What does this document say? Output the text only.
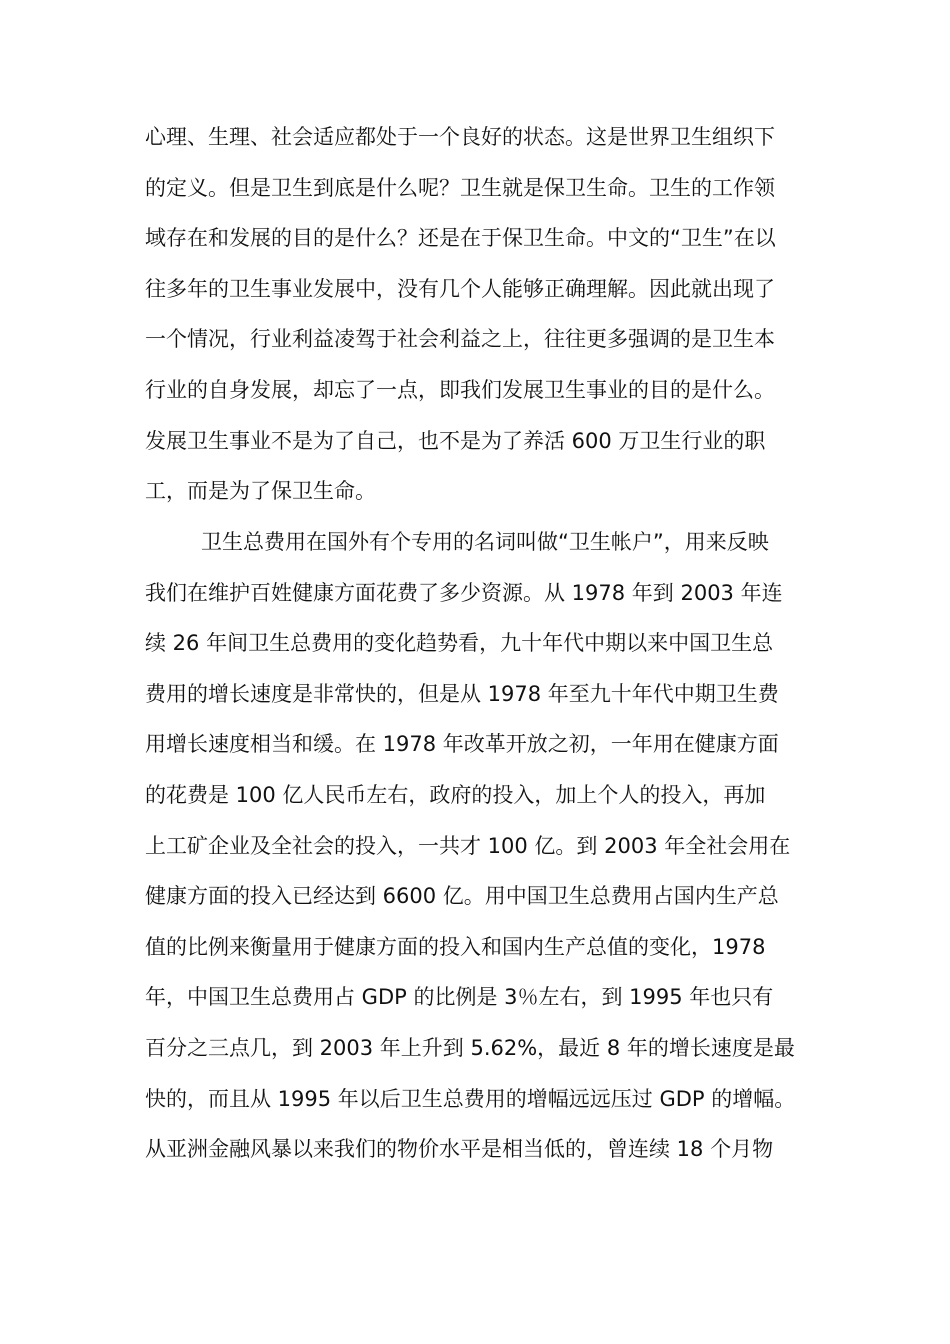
心理、生理、社会适应都处于一个良好的状态。这是世界卫生组织下
的定义。但是卫生到底是什么呢？卫生就是保卫生命。卫生的工作领
域存在和发展的目的是什么？还是在于保卫生命。中文的“卫生”在以
往多年的卫生事业发展中，没有几个人能够正确理解。因此就出现了
一个情况，行业利益凌驾于社会利益之上，往往更多强调的是卫生本
行业的自身发展，却忘了一点，即我们发展卫生事业的目的是什么。
发展卫生事业不是为了自己，也不是为了养活 600 万卫生行业的职
工，而是为了保卫生命。
卫生总费用在国外有个专用的名词叫做“卫生帐户”，用来反映
我们在维护百姓健康方面花费了多少资源。从 1978 年到 2003 年连
续 26 年间卫生总费用的变化趋势看，九十年代中期以来中国卫生总
费用的增长速度是非常快的，但是从 1978 年至九十年代中期卫生费
用增长速度相当和缓。在 1978 年改革开放之初，一年用在健康方面
的花费是 100 亿人民币左右，政府的投入，加上个人的投入，再加
上工矿企业及全社会的投入，一共才 100 亿。到 2003 年全社会用在
健康方面的投入已经达到 6600 亿。用中国卫生总费用占国内生产总
值的比例来衡量用于健康方面的投入和国内生产总值的变化，1978
年，中国卫生总费用占 GDP 的比例是 3％左右，到 1995 年也只有
百分之三点几，到 2003 年上升到 5.62%，最近 8 年的增长速度是最
快的，而且从 1995 年以后卫生总费用的增幅远远压过 GDP 的增幅。
从亚洲金融风暴以来我们的物价水平是相当低的，曾连续 18 个月物
